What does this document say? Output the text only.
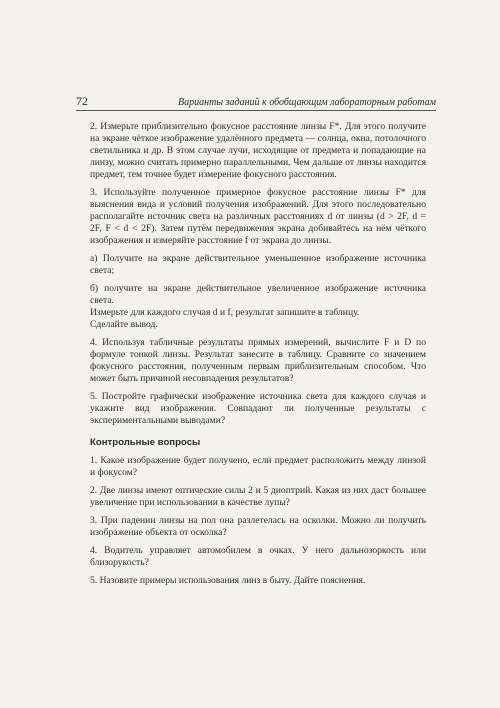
72	Варианты заданий к обобщающим лабораторным работам

2. Измерьте приблизительно фокусное расстояние линзы F*. Для этого получите на экране чёткое изображение удалённого предмета — солнца, окна, потолочного светильника и др. В этом случае лучи, исходящие от предмета и попадающие на линзу, можно считать примерно параллельными. Чем дальше от линзы находится предмет, тем точнее будет измерение фокусного расстояния.

3. Используйте полученное примерное фокусное расстояние линзы F* для выяснения вида и условий получения изображений. Для этого последовательно располагайте источник света на различных расстояниях d от линзы (d > 2F, d = 2F, F < d < 2F). Затем путём передвижения экрана добивайтесь на нём чёткого изображения и измеряйте расстояние f от экрана до линзы.

а) Получите на экране действительное уменьшенное изображение источника света;

б) получите на экране действительное увеличенное изображение источника света.

Измерьте для каждого случая d и f, результат запишите в таблицу.

Сделайте вывод.

4. Используя табличные результаты прямых измерений, вычислите F и D по формуле тонкой линзы. Результат занесите в таблицу. Сравните со значением фокусного расстояния, полученным первым приблизительным способом. Что может быть причиной несовпадения результатов?

5. Постройте графически изображение источника света для каждого случая и укажите вид изображения. Совпадают ли полученные результаты с экспериментальными выводами?

Контрольные вопросы

1. Какое изображение будет получено, если предмет расположить между линзой и фокусом?

2. Две линзы имеют оптические силы 2 и 5 диоптрий. Какая из них даст большее увеличение при использовании в качестве лупы?

3. При падении линзы на пол она разлетелась на осколки. Можно ли получить изображение объекта от осколка?

4. Водитель управляет автомобилем в очках. У него дальнозоркость или близорукость?

5. Назовите примеры использования линз в быту. Дайте пояснения.
